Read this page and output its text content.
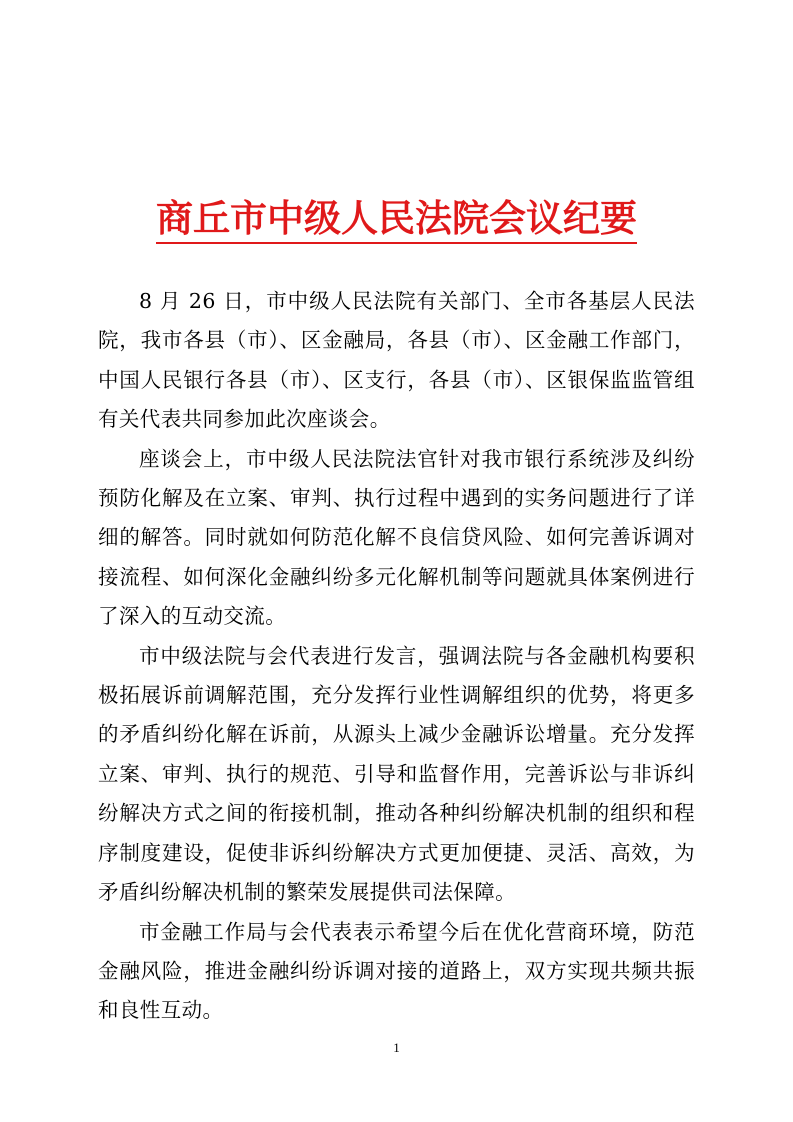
商丘市中级人民法院会议纪要

8 月 26 日，市中级人民法院有关部门、全市各基层人民法院，我市各县（市）、区金融局，各县（市）、区金融工作部门，中国人民银行各县（市）、区支行，各县（市）、区银保监监管组有关代表共同参加此次座谈会。

座谈会上，市中级人民法院法官针对我市银行系统涉及纠纷预防化解及在立案、审判、执行过程中遇到的实务问题进行了详细的解答。同时就如何防范化解不良信贷风险、如何完善诉调对接流程、如何深化金融纠纷多元化解机制等问题就具体案例进行了深入的互动交流。

市中级法院与会代表进行发言，强调法院与各金融机构要积极拓展诉前调解范围，充分发挥行业性调解组织的优势，将更多的矛盾纠纷化解在诉前，从源头上减少金融诉讼增量。充分发挥立案、审判、执行的规范、引导和监督作用，完善诉讼与非诉纠纷解决方式之间的衔接机制，推动各种纠纷解决机制的组织和程序制度建设，促使非诉纠纷解决方式更加便捷、灵活、高效，为矛盾纠纷解决机制的繁荣发展提供司法保障。

市金融工作局与会代表表示希望今后在优化营商环境，防范金融风险，推进金融纠纷诉调对接的道路上，双方实现共频共振和良性互动。

1
